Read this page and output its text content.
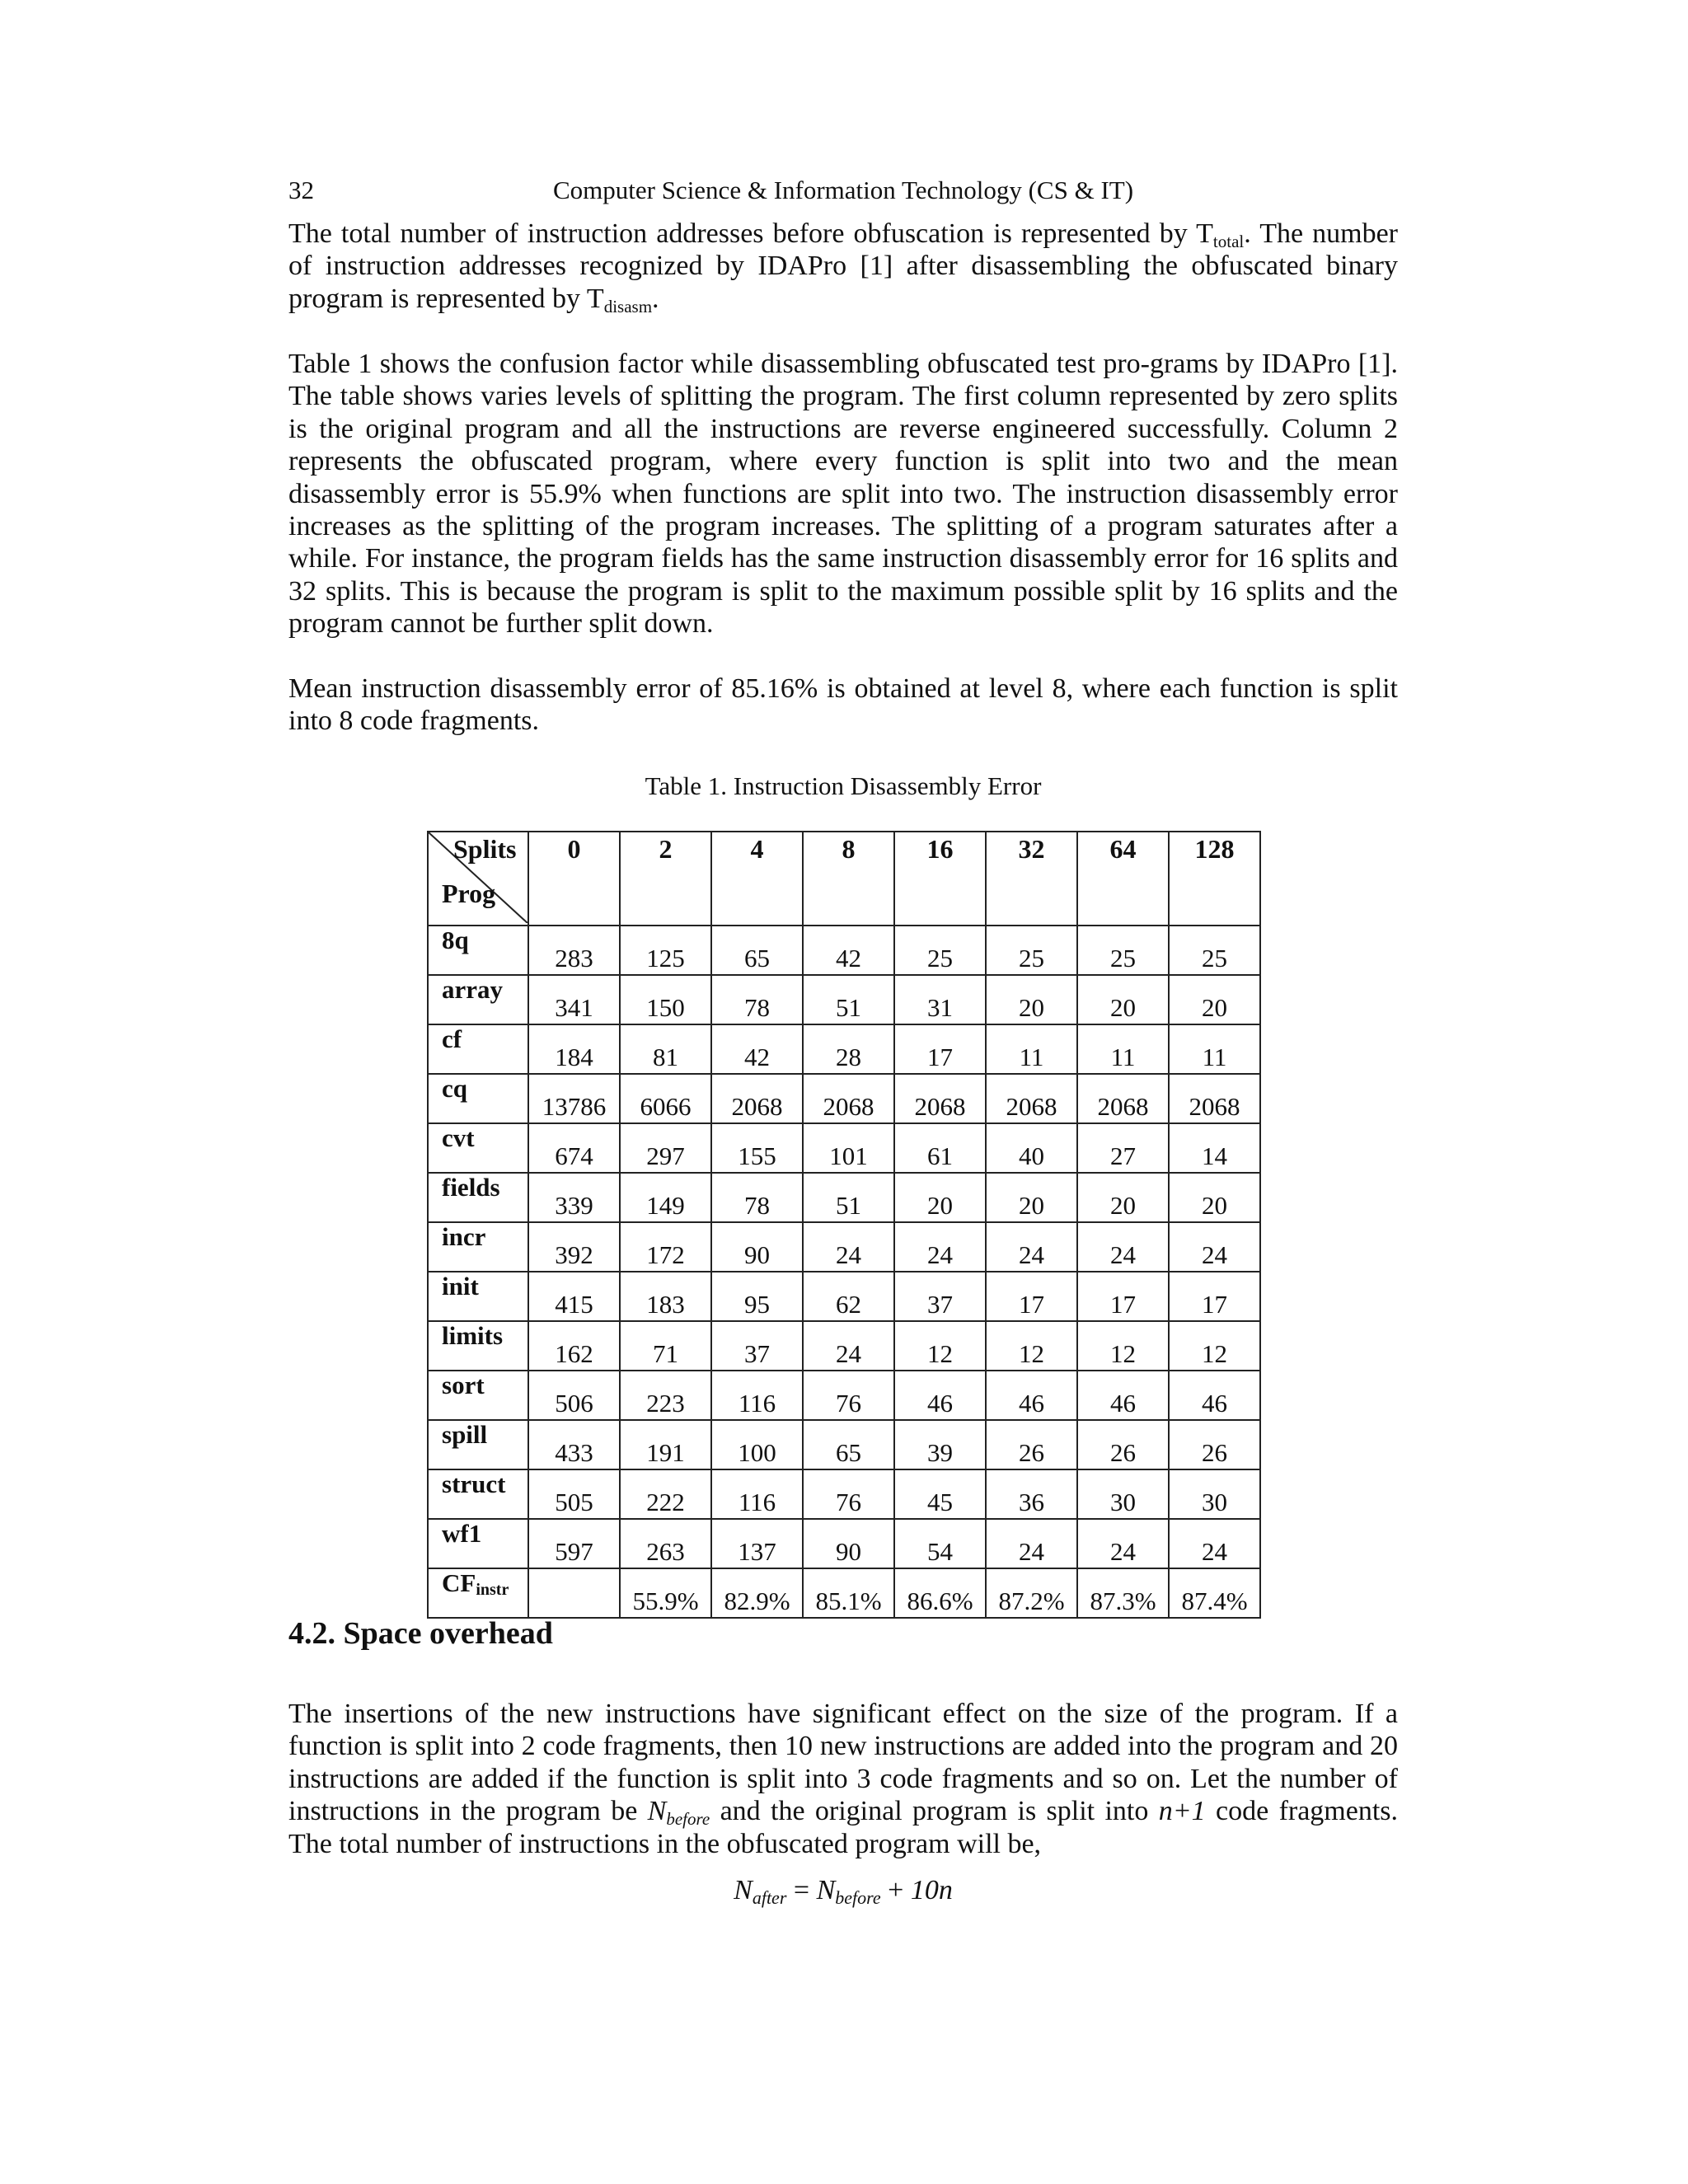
32	Computer Science & Information Technology (CS & IT)

The total number of instruction addresses before obfuscation is represented by $T_{total}$. The number of instruction addresses recognized by IDAPro [1] after disassembling the obfuscated binary program is represented by $T_{disasm}$.

Table 1 shows the confusion factor while disassembling obfuscated test pro-grams by IDAPro [1]. The table shows varies levels of splitting the program. The first column represented by zero splits is the original program and all the instructions are reverse engineered successfully. Column 2 represents the obfuscated program, where every function is split into two and the mean disassembly error is 55.9% when functions are split into two. The instruction disassembly error increases as the splitting of the program increases. The splitting of a program saturates after a while. For instance, the program fields has the same instruction disassembly error for 16 splits and 32 splits. This is because the program is split to the maximum possible split by 16 splits and the program cannot be further split down.

Mean instruction disassembly error of 85.16% is obtained at level 8, where each function is split into 8 code fragments.

Table 1. Instruction Disassembly Error
Splits
Prog	0	2	4	8	16	32	64	128
8q	283	125	65	42	25	25	25	25
array	341	150	78	51	31	20	20	20
cf	184	81	42	28	17	11	11	11
cq	13786	6066	2068	2068	2068	2068	2068	2068
cvt	674	297	155	101	61	40	27	14
fields	339	149	78	51	20	20	20	20
incr	392	172	90	24	24	24	24	24
init	415	183	95	62	37	17	17	17
limits	162	71	37	24	12	12	12	12
sort	506	223	116	76	46	46	46	46
spill	433	191	100	65	39	26	26	26
struct	505	222	116	76	45	36	30	30
wf1	597	263	137	90	54	24	24	24
$CF_{instr}$		55.9%	82.9%	85.1%	86.6%	87.2%	87.3%	87.4%
4.2. Space overhead

The insertions of the new instructions have significant effect on the size of the program. If a function is split into 2 code fragments, then 10 new instructions are added into the program and 20 instructions are added if the function is split into 3 code fragments and so on. Let the number of instructions in the program be $N_{before}$ and the original program is split into n+1 code fragments. The total number of instructions in the obfuscated program will be,

$N_{after} = N_{before} + 10n$
